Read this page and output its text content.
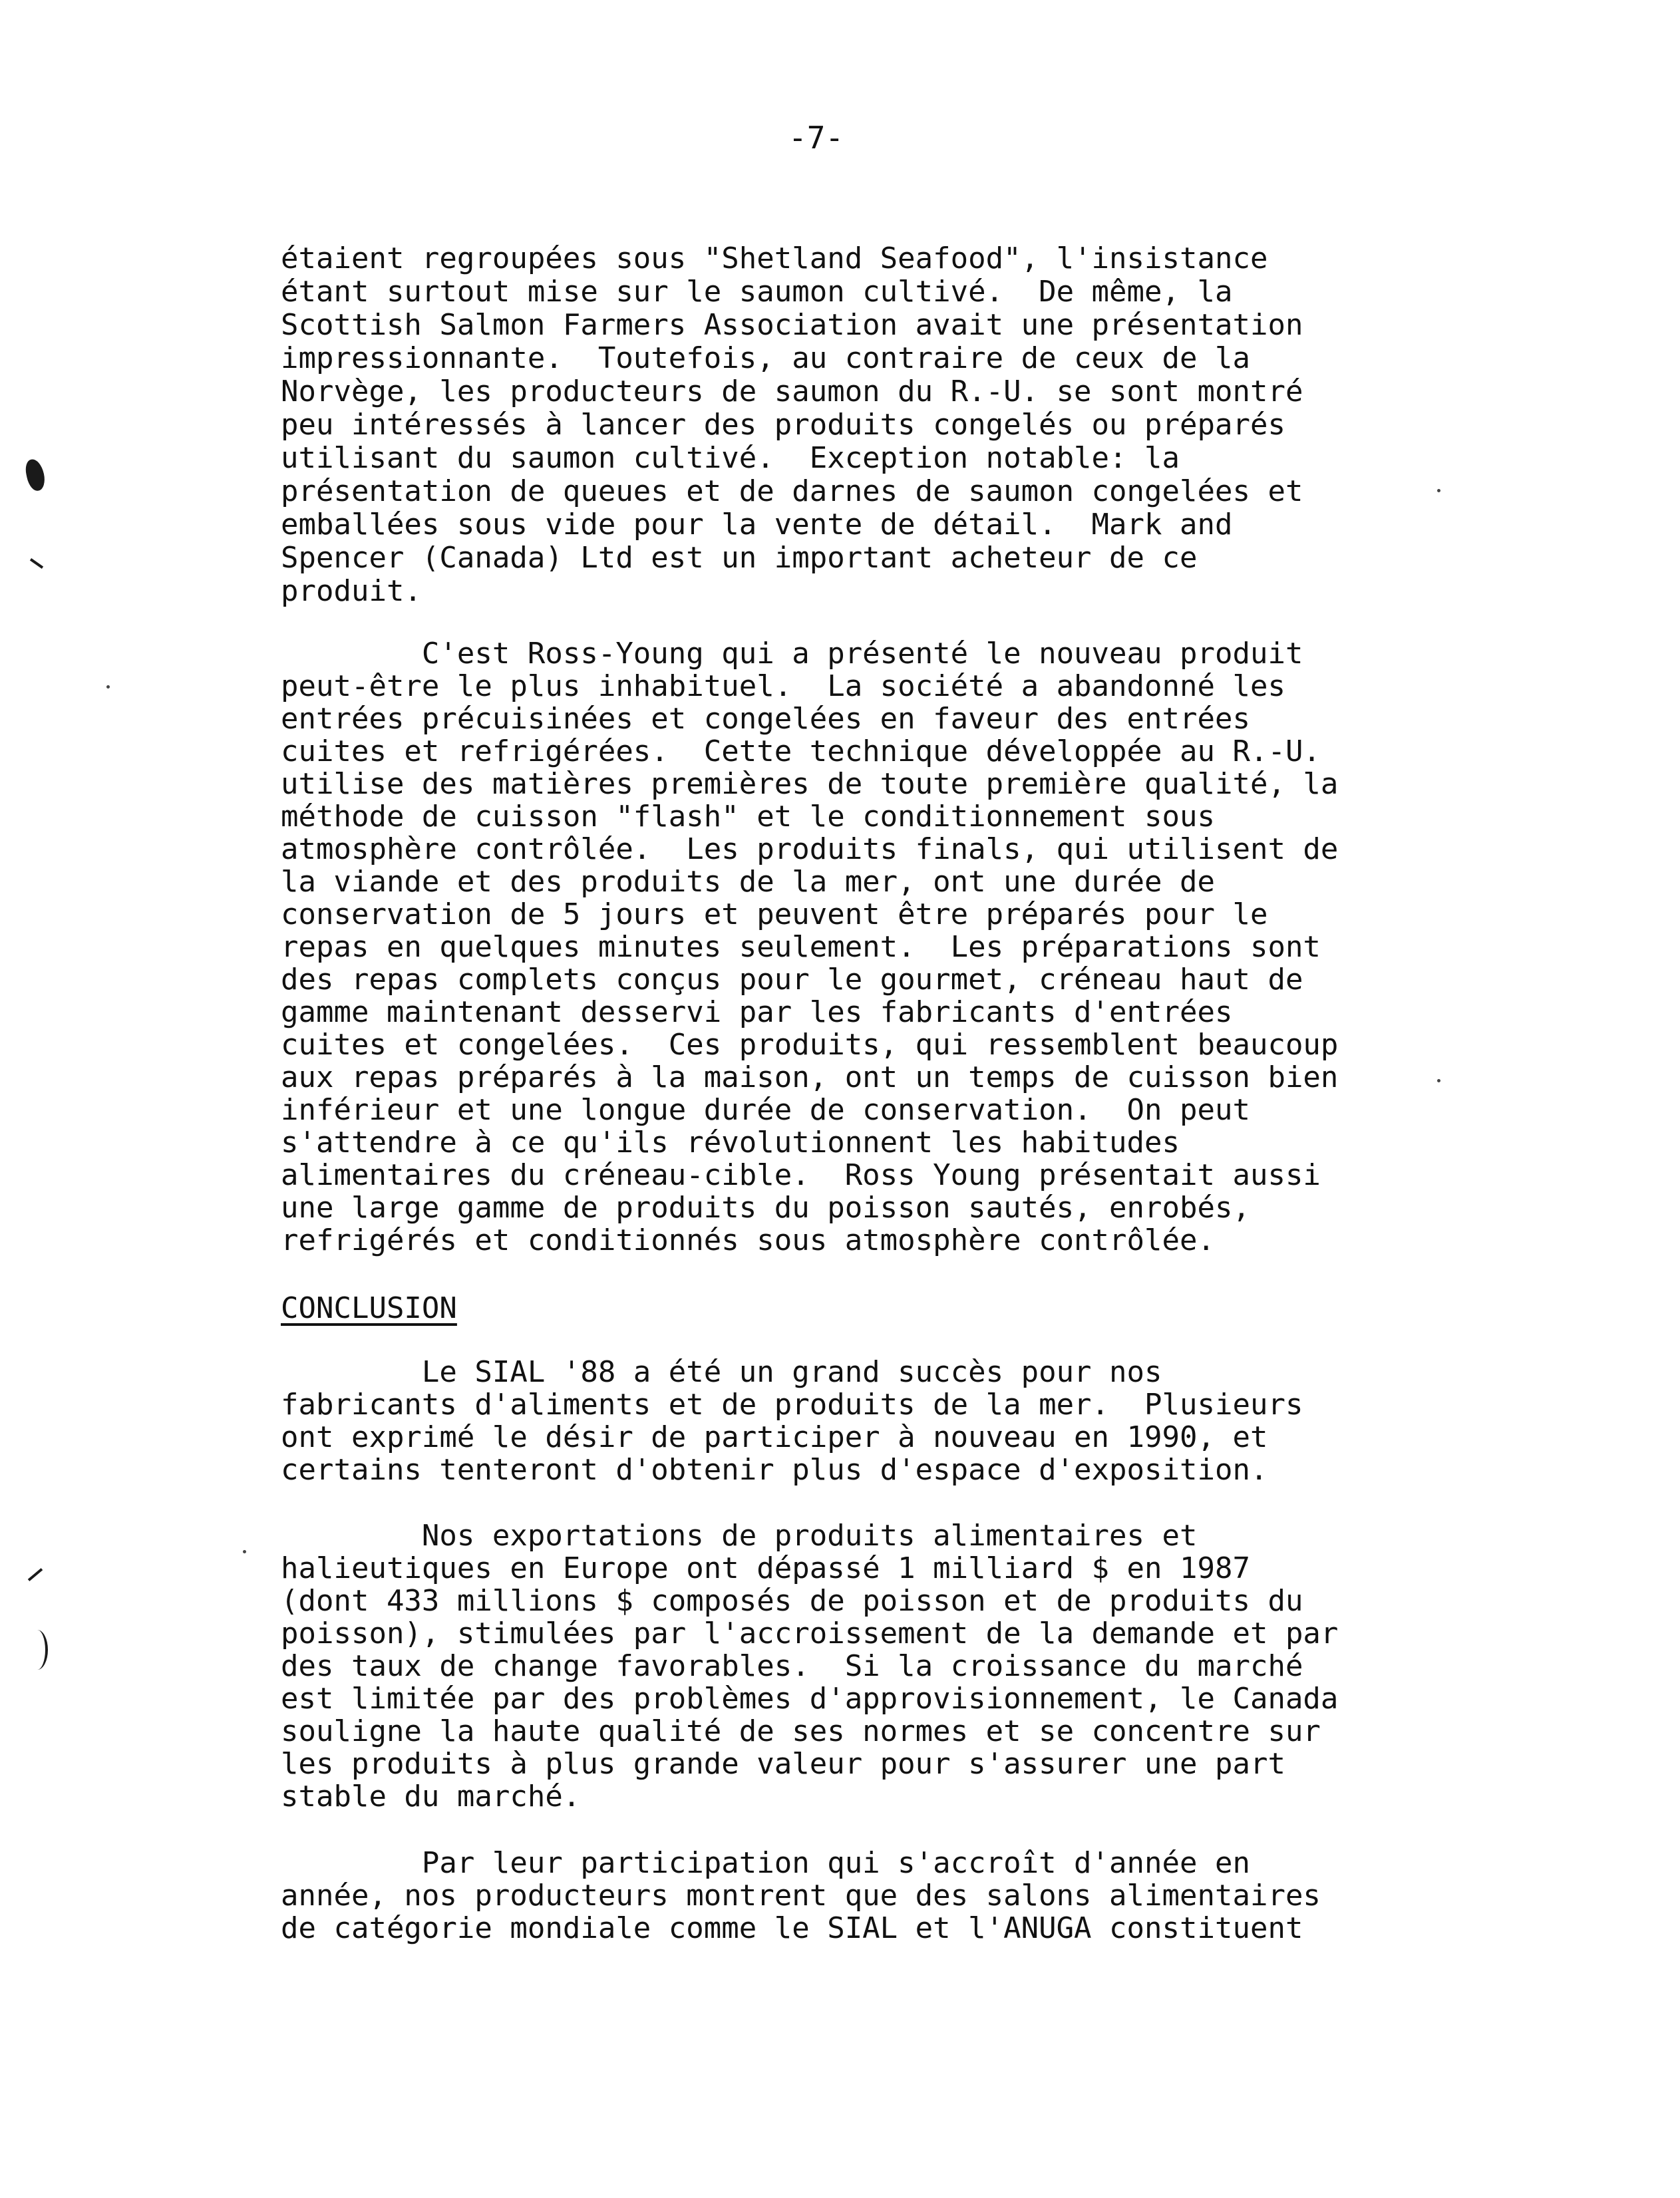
-7-
étaient regroupées sous "Shetland Seafood", l'insistance
étant surtout mise sur le saumon cultivé.  De même, la
Scottish Salmon Farmers Association avait une présentation
impressionnante.  Toutefois, au contraire de ceux de la
Norvège, les producteurs de saumon du R.-U. se sont montré
peu intéressés à lancer des produits congelés ou préparés
utilisant du saumon cultivé.  Exception notable: la
présentation de queues et de darnes de saumon congelées et
emballées sous vide pour la vente de détail.  Mark and
Spencer (Canada) Ltd est un important acheteur de ce
produit.
C'est Ross-Young qui a présenté le nouveau produit
peut-être le plus inhabituel.  La société a abandonné les
entrées précuisinées et congelées en faveur des entrées
cuites et refrigérées.  Cette technique développée au R.-U.
utilise des matières premières de toute première qualité, la
méthode de cuisson "flash" et le conditionnement sous
atmosphère contrôlée.  Les produits finals, qui utilisent de
la viande et des produits de la mer, ont une durée de
conservation de 5 jours et peuvent être préparés pour le
repas en quelques minutes seulement.  Les préparations sont
des repas complets conçus pour le gourmet, créneau haut de
gamme maintenant desservi par les fabricants d'entrées
cuites et congelées.  Ces produits, qui ressemblent beaucoup
aux repas préparés à la maison, ont un temps de cuisson bien
inférieur et une longue durée de conservation.  On peut
s'attendre à ce qu'ils révolutionnent les habitudes
alimentaires du créneau-cible.  Ross Young présentait aussi
une large gamme de produits du poisson sautés, enrobés,
refrigérés et conditionnés sous atmosphère contrôlée.
CONCLUSION
Le SIAL '88 a été un grand succès pour nos
fabricants d'aliments et de produits de la mer.  Plusieurs
ont exprimé le désir de participer à nouveau en 1990, et
certains tenteront d'obtenir plus d'espace d'exposition.
Nos exportations de produits alimentaires et
halieutiques en Europe ont dépassé 1 milliard $ en 1987
(dont 433 millions $ composés de poisson et de produits du
poisson), stimulées par l'accroissement de la demande et par
des taux de change favorables.  Si la croissance du marché
est limitée par des problèmes d'approvisionnement, le Canada
souligne la haute qualité de ses normes et se concentre sur
les produits à plus grande valeur pour s'assurer une part
stable du marché.
Par leur participation qui s'accroît d'année en
année, nos producteurs montrent que des salons alimentaires
de catégorie mondiale comme le SIAL et l'ANUGA constituent
